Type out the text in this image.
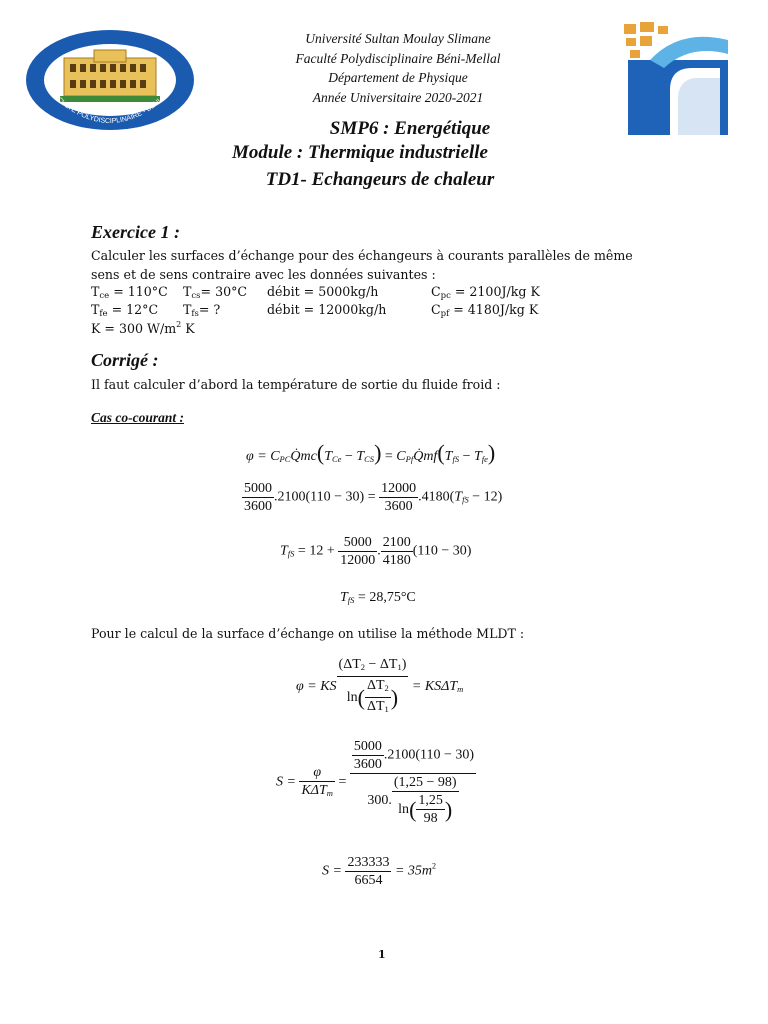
FACULTE POLYDISCIPLINAIRE - BENI MEL
Université Sultan Moulay Slimane
Faculté Polydisciplinaire Béni-Mellal
Département de Physique
Année Universitaire 2020-2021
SMP6 : Energétique
Module : Thermique industrielle
TD1- Echangeurs de chaleur
Exercice 1 :
Calculer les surfaces d’échange pour des échangeurs à courants parallèles de même
sens et de sens contraire avec les données suivantes :
$T_{ce} = 110^\circ C$ $T_{cs}= 30^\circ C$ débit = 5000kg/h	$C_{pc} = 2100J/kg$ K
$T_{fe} = 12^\circ C$ $T_{fs}=$ ?	débit = 12000kg/h	$C_{pf} = 4180J/kg$ K
K = 300 $W/m^2$ K
Corrigé :
Il faut calculer d’abord la température de sortie du fluide froid :
Cas co-courant :
$\varphi = C_{PC}Q̇mc(T_{Ce} - T_{CS})$ = $C_{Pf}Q̇mf(T_{fS} - T_{fe})$
$\frac{5000}{3600} .2100(110 - 30) = \frac{12000}{3600} .4180(T_{fS} - 12)$
$T_{fS} = 12 + \frac{5000}{12000}$ . $\frac{2100}{4180} (110 - 30)$
$T_{fS} = 28,75^\circ C$
Pour le calcul de la surface d’échange on utilise la méthode MLDT :
φ = KS $\frac{(\Delta T_2 - \Delta T_1)}{\ln( \frac{\Delta T_2}{\Delta T_1} )} = KS\Delta T_m$
$S = \frac{\varphi}{K\Delta T_m} = \frac{\frac{5000}{3600} .2100(110 - 30)}{300. \frac{(1,25 - 98)}{\ln( \frac{1,25}{98} )}}$
$S = \frac{233333}{6654} = 35m^2$
1
